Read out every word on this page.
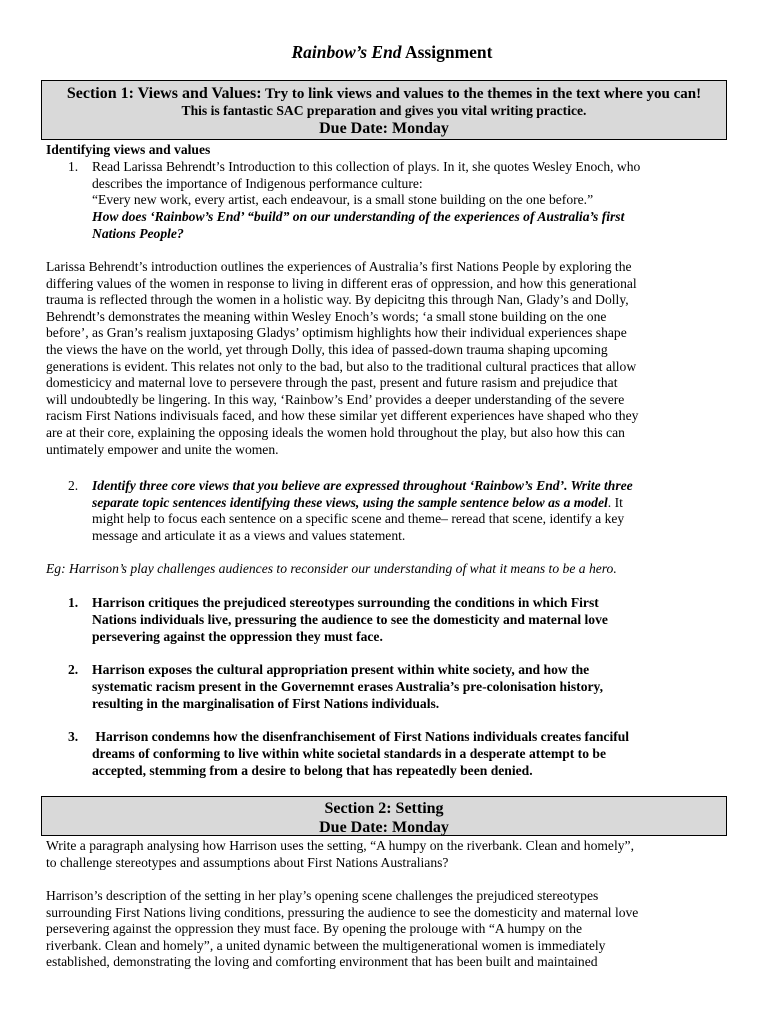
Rainbow’s End Assignment
Section 1: Views and Values: Try to link views and values to the themes in the text where you can!
This is fantastic SAC preparation and gives you vital writing practice.
Due Date: Monday
Identifying views and values
1. Read Larissa Behrendt’s Introduction to this collection of plays. In it, she quotes Wesley Enoch, who
describes the importance of Indigenous performance culture:
“Every new work, every artist, each endeavour, is a small stone building on the one before.”
How does ‘Rainbow’s End’ “build” on our understanding of the experiences of Australia’s first
Nations People?
Larissa Behrendt’s introduction outlines the experiences of Australia’s first Nations People by exploring the
differing values of the women in response to living in different eras of oppression, and how this generational
trauma is reflected through the women in a holistic way. By depicitng this through Nan, Glady’s and Dolly,
Behrendt’s demonstrates the meaning within Wesley Enoch’s words; ‘a small stone building on the one
before’, as Gran’s realism juxtaposing Gladys’ optimism highlights how their individual experiences shape
the views the have on the world, yet through Dolly, this idea of passed-down trauma shaping upcoming
generations is evident. This relates not only to the bad, but also to the traditional cultural practices that allow
domesticicy and maternal love to persevere through the past, present and future rasism and prejudice that
will undoubtedly be lingering. In this way, ‘Rainbow’s End’ provides a deeper understanding of the severe
racism First Nations indivisuals faced, and how these similar yet different experiences have shaped who they
are at their core, explaining the opposing ideals the women hold throughout the play, but also how this can
untimately empower and unite the women.
2. Identify three core views that you believe are expressed throughout ‘Rainbow’s End’. Write three
separate topic sentences identifying these views, using the sample sentence below as a model. It
might help to focus each sentence on a specific scene and theme– reread that scene, identify a key
message and articulate it as a views and values statement.
Eg: Harrison’s play challenges audiences to reconsider our understanding of what it means to be a hero.
1. Harrison critiques the prejudiced stereotypes surrounding the conditions in which First
Nations individuals live, pressuring the audience to see the domesticity and maternal love
persevering against the oppression they must face.
2. Harrison exposes the cultural appropriation present within white society, and how the
systematic racism present in the Governemnt erases Australia’s pre-colonisation history,
resulting in the marginalisation of First Nations individuals.
3. Harrison condemns how the disenfranchisement of First Nations individuals creates fanciful
dreams of conforming to live within white societal standards in a desperate attempt to be
accepted, stemming from a desire to belong that has repeatedly been denied.
Section 2: Setting
Due Date: Monday
Write a paragraph analysing how Harrison uses the setting, “A humpy on the riverbank. Clean and homely”,
to challenge stereotypes and assumptions about First Nations Australians?
Harrison’s description of the setting in her play’s opening scene challenges the prejudiced stereotypes
surrounding First Nations living conditions, pressuring the audience to see the domesticity and maternal love
persevering against the oppression they must face. By opening the prolouge with “A humpy on the
riverbank. Clean and homely”, a united dynamic between the multigenerational women is immediately
established, demonstrating the loving and comforting environment that has been built and maintained
